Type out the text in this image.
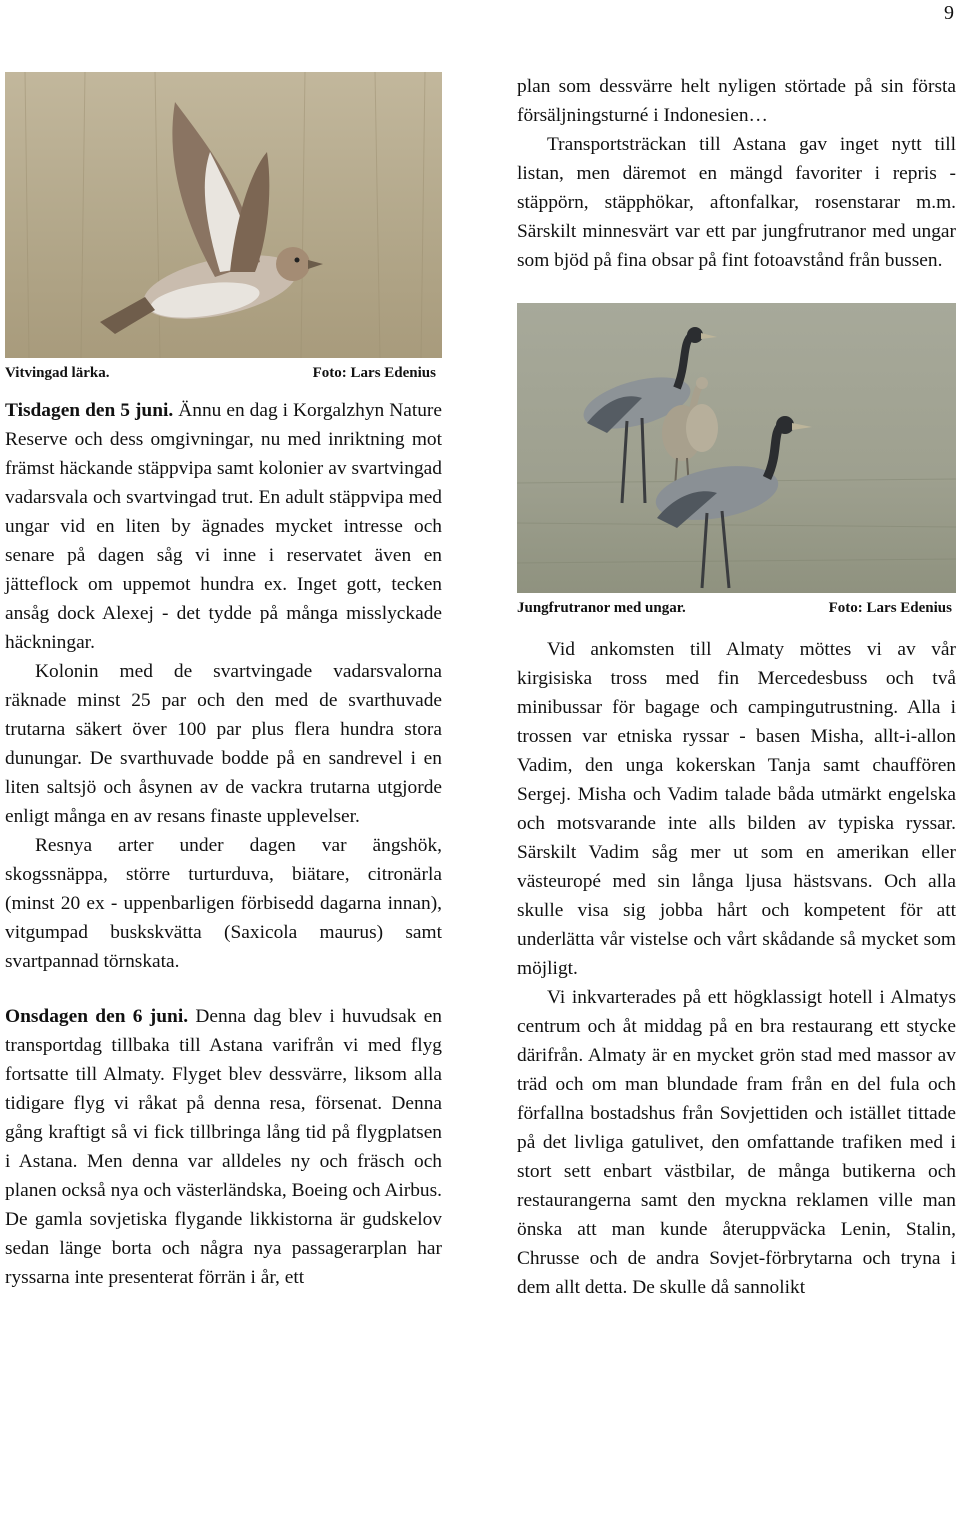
9
Vitvingad lärka.	Foto: Lars Edenius

Tisdagen den 5 juni. Ännu en dag i Korgalzhyn Nature Reserve och dess omgivningar, nu med inriktning mot främst häckande stäppvipa samt kolonier av svartvingad vadarsvala och svartvingad trut. En adult stäppvipa med ungar vid en liten by ägnades mycket intresse och senare på dagen såg vi inne i reservatet även en jätteflock om uppemot hundra ex. Inget gott, tecken ansåg dock Alexej - det tydde på många misslyckade häckningar.

Kolonin med de svartvingade vadarsvalorna räknade minst 25 par och den med de svarthuvade trutarna säkert över 100 par plus flera hundra stora dunungar. De svarthuvade bodde på en sandrevel i en liten saltsjö och åsynen av de vackra trutarna utgjorde enligt många en av resans finaste upplevelser.

Resnya arter under dagen var ängshök, skogssnäppa, större turturduva, biätare, citronärla (minst 20 ex - uppenbarligen förbisedd dagarna innan), vitgumpad buskskvätta (Saxicola maurus) samt svartpannad törnskata.

Onsdagen den 6 juni. Denna dag blev i huvudsak en transportdag tillbaka till Astana varifrån vi med flyg fortsatte till Almaty. Flyget blev dessvärre, liksom alla tidigare flyg vi råkat på denna resa, försenat. Denna gång kraftigt så vi fick tillbringa lång tid på flygplatsen i Astana. Men denna var alldeles ny och fräsch och planen också nya och västerländska, Boeing och Airbus. De gamla sovjetiska flygande likkistorna är gudskelov sedan länge borta och några nya passagerarplan har ryssarna inte presenterat förrän i år, ett

plan som dessvärre helt nyligen störtade på sin första försäljningsturné i Indonesien…

Transportsträckan till Astana gav inget nytt till listan, men däremot en mängd favoriter i repris - stäppörn, stäpphökar, aftonfalkar, rosenstarar m.m. Särskilt minnesvärt var ett par jungfrutranor med ungar som bjöd på fina obsar på fint fotoavstånd från bussen.

Jungfrutranor med ungar.	Foto: Lars Edenius

Vid ankomsten till Almaty möttes vi av vår kirgisiska tross med fin Mercedesbuss och två minibussar för bagage och campingutrustning. Alla i trossen var etniska ryssar - basen Misha, allt-i-allon Vadim, den unga kokerskan Tanja samt chauffören Sergej. Misha och Vadim talade båda utmärkt engelska och motsvarande inte alls bilden av typiska ryssar. Särskilt Vadim såg mer ut som en amerikan eller västeuropé med sin långa ljusa hästsvans. Och alla skulle visa sig jobba hårt och kompetent för att underlätta vår vistelse och vårt skådande så mycket som möjligt.

Vi inkvarterades på ett högklassigt hotell i Almatys centrum och åt middag på en bra restaurang ett stycke därifrån. Almaty är en mycket grön stad med massor av träd och om man blundade fram från en del fula och förfallna bostadshus från Sovjettiden och istället tittade på det livliga gatulivet, den omfattande trafiken med i stort sett enbart västbilar, de många butikerna och restaurangerna samt den myckna reklamen ville man önska att man kunde återuppväcka Lenin, Stalin, Chrusse och de andra Sovjet-förbrytarna och tryna i dem allt detta. De skulle då sannolikt
